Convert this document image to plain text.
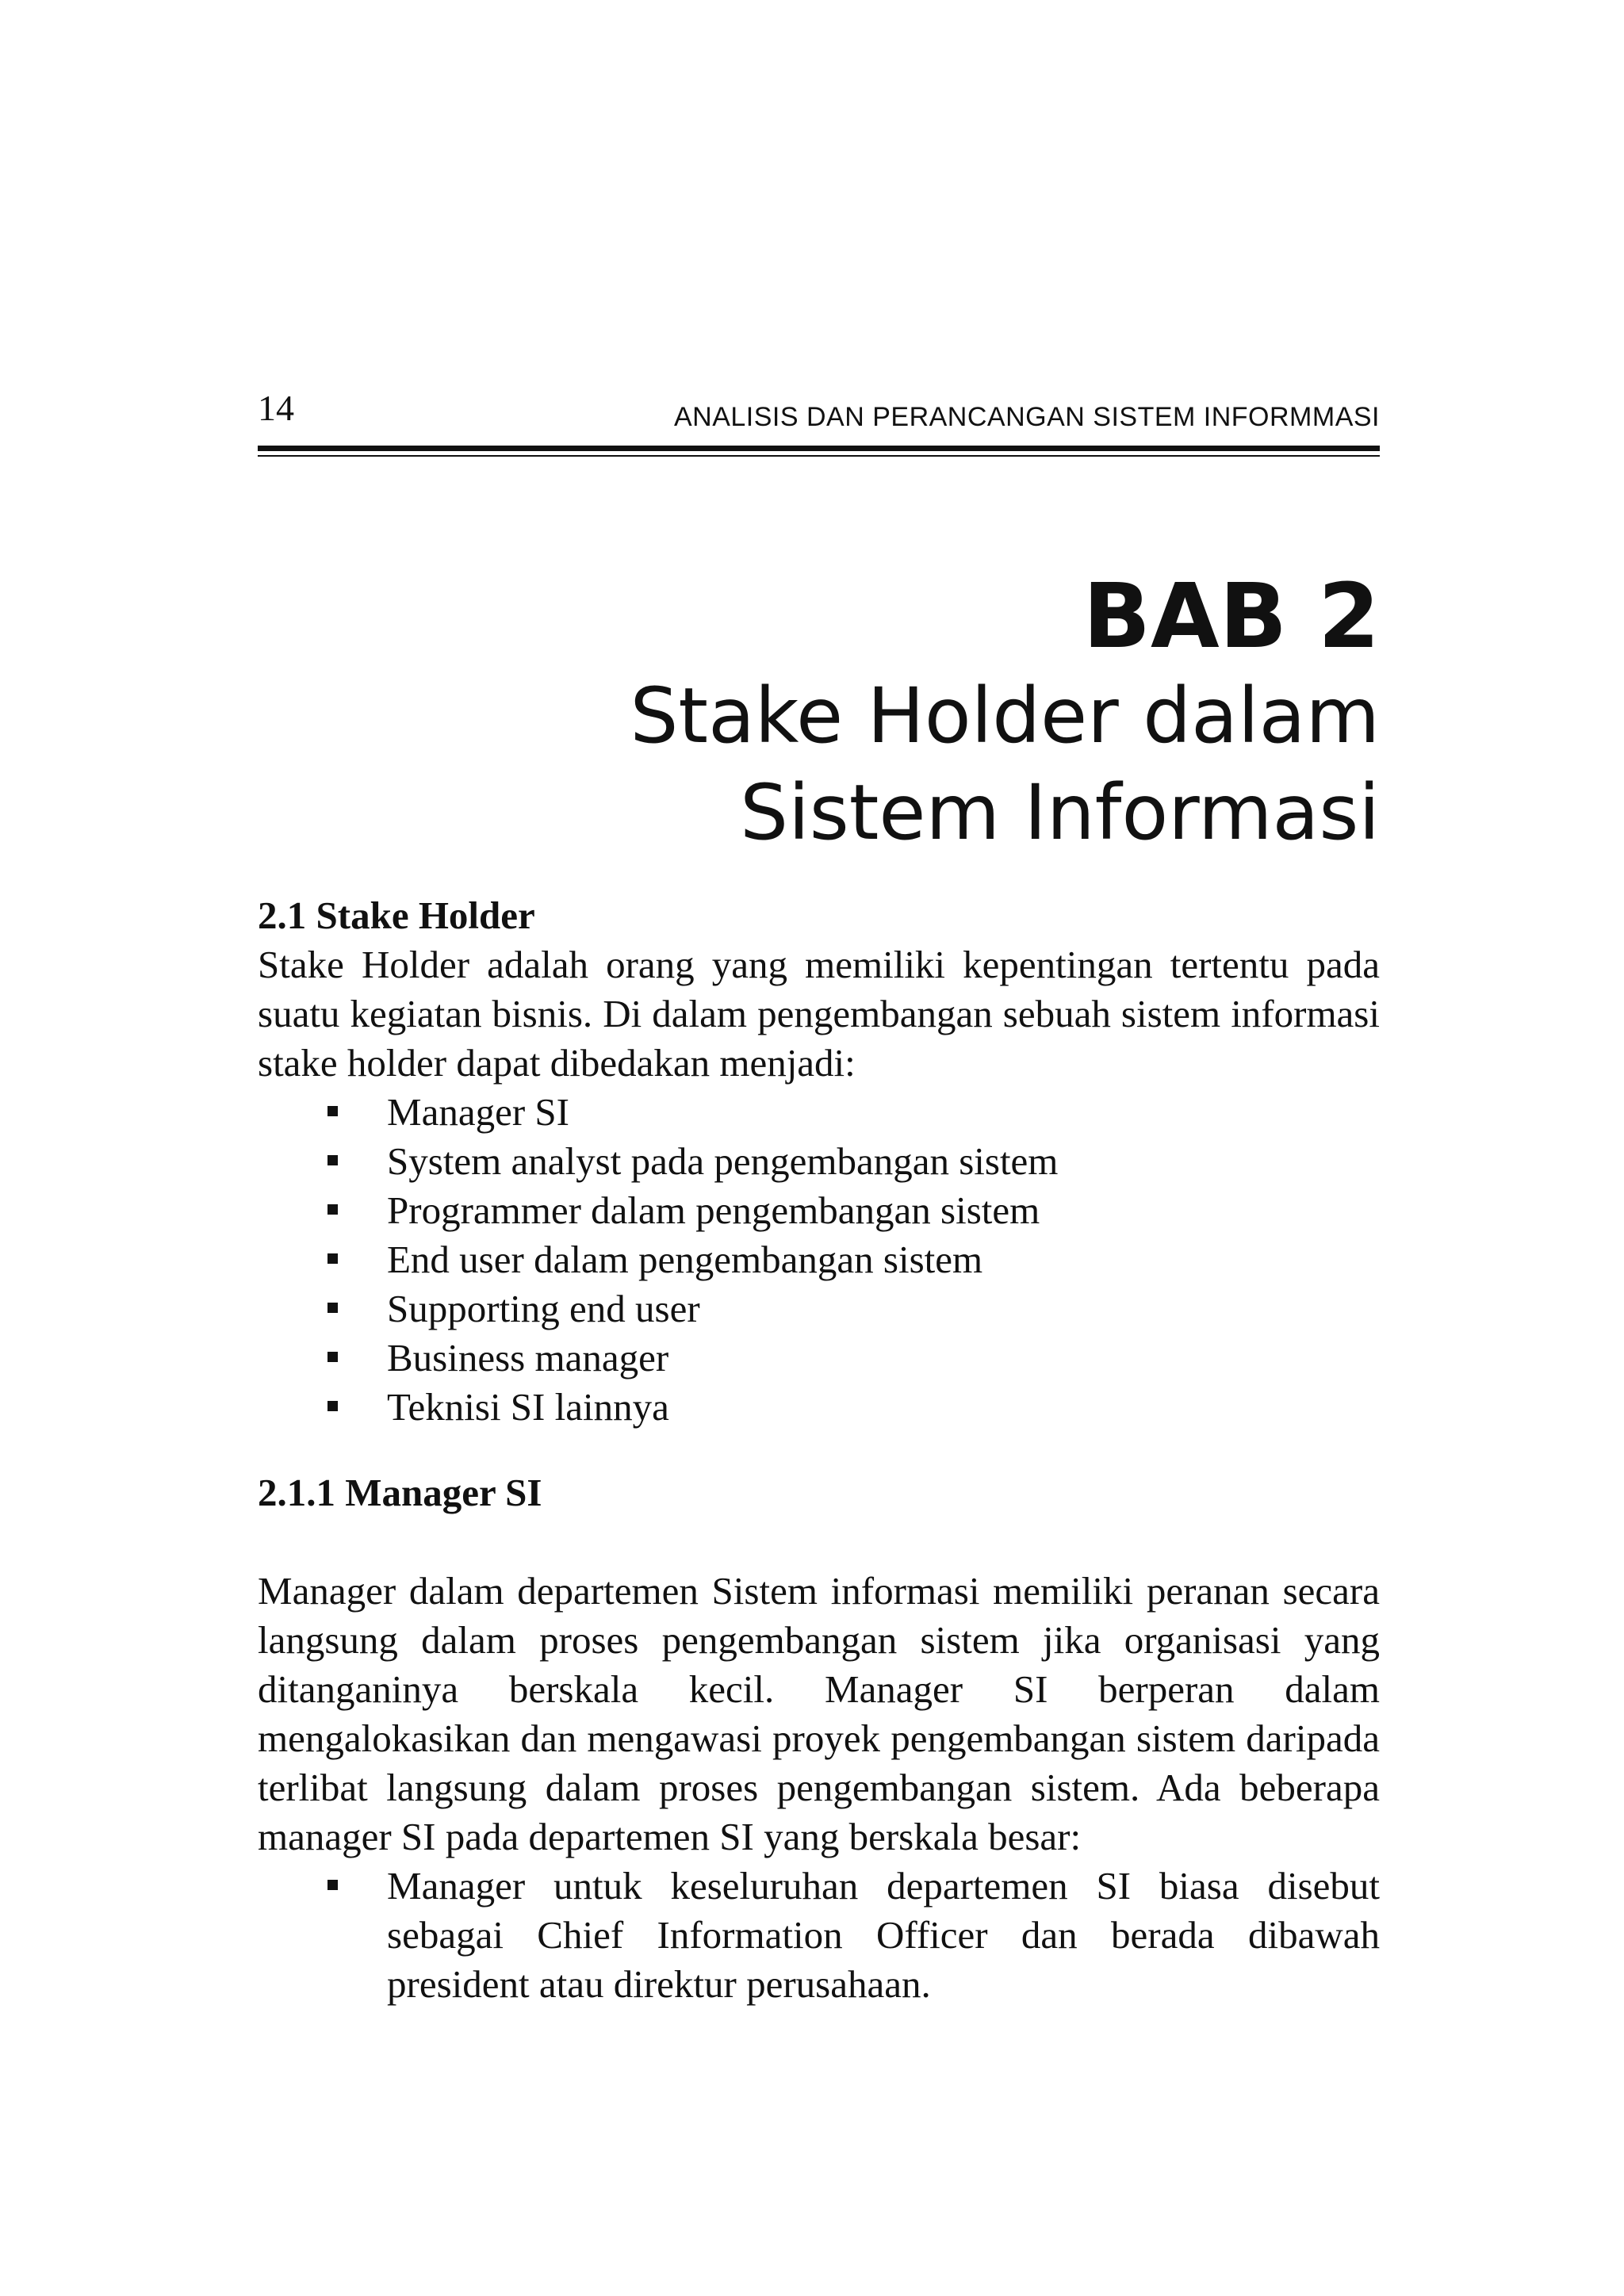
14	ANALISIS DAN PERANCANGAN SISTEM INFORMMASI
BAB 2
Stake Holder dalam Sistem Informasi
2.1 Stake Holder

Stake Holder adalah orang yang memiliki kepentingan tertentu pada suatu kegiatan bisnis. Di dalam pengembangan sebuah sistem informasi stake holder dapat dibedakan menjadi:

Manager SI
System analyst pada pengembangan sistem
Programmer dalam pengembangan sistem
End user dalam pengembangan sistem
Supporting end user
Business manager
Teknisi SI lainnya
2.1.1 Manager SI

Manager dalam departemen Sistem informasi memiliki peranan secara langsung dalam proses pengembangan sistem jika organisasi yang ditanganinya berskala kecil. Manager SI berperan dalam mengalokasikan dan mengawasi proyek pengembangan sistem daripada terlibat langsung dalam proses pengembangan sistem. Ada beberapa manager SI pada departemen SI yang berskala besar:

Manager untuk keseluruhan departemen SI biasa disebut sebagai Chief Information Officer dan berada dibawah president atau direktur perusahaan.
